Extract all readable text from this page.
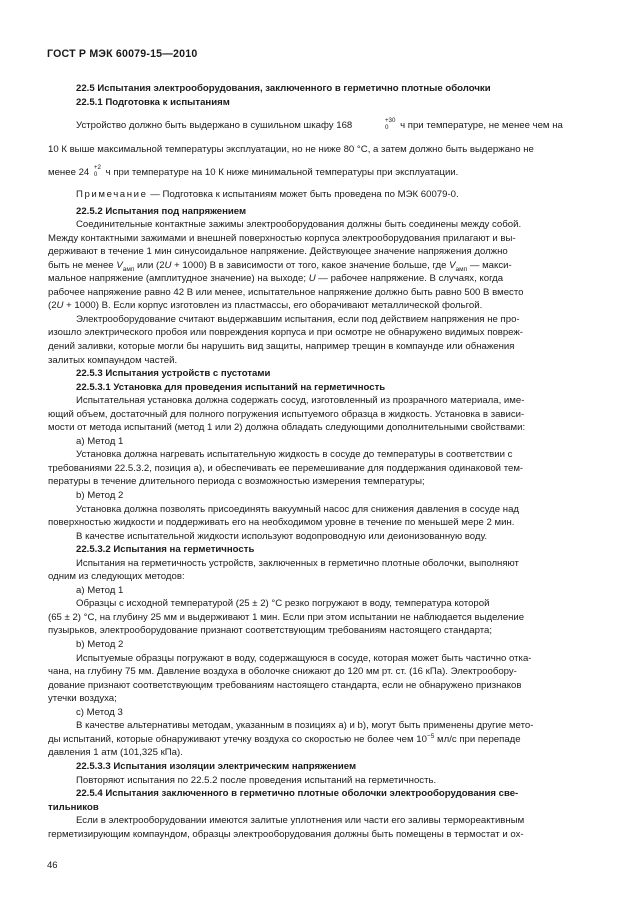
ГОСТ Р МЭК 60079-15—2010

22.5 Испытания электрооборудования, заключенного в герметично плотные оболочки

22.5.1 Подготовка к испытаниям

Устройство должно быть выдержано в сушильном шкафу 168	+30
0	ч при температуре, не менее чем на

10 К выше максимальной температуры эксплуатации, но не ниже 80 °С, а затем должно быть выдержано не

менее 24 +2
0 ч при температуре на 10 К ниже минимальной температуры при эксплуатации.

Примечание — Подготовка к испытаниям может быть проведена по МЭК 60079-0.

22.5.2 Испытания под напряжением

Соединительные контактные зажимы электрооборудования должны быть соединены между собой.

Между контактными зажимами и внешней поверхностью корпуса электрооборудования прилагают и вы-

держивают в течение 1 мин синусоидальное напряжение. Действующее значение напряжения должно

быть не менее $V_{амп}$ или (2U + 1000) В в зависимости от того, какое значение больше, где $V_{амп}$ — макси-

мальное напряжение (амплитудное значение) на выходе; U — рабочее напряжение. В случаях, когда

рабочее напряжение равно 42 В или менее, испытательное напряжение должно быть равно 500 В вместо

(2U + 1000) В. Если корпус изготовлен из пластмассы, его оборачивают металлической фольгой.

Электрооборудование считают выдержавшим испытания, если под действием напряжения не про-

изошло электрического пробоя или повреждения корпуса и при осмотре не обнаружено видимых повреж-

дений заливки, которые могли бы нарушить вид защиты, например трещин в компаунде или обнажения

залитых компаундом частей.

22.5.3 Испытания устройств с пустотами

22.5.3.1 Установка для проведения испытаний на герметичность

Испытательная установка должна содержать сосуд, изготовленный из прозрачного материала, име-

ющий объем, достаточный для полного погружения испытуемого образца в жидкость. Установка в зависи-

мости от метода испытаний (метод 1 или 2) должна обладать следующими дополнительными свойствами:

а) Метод 1

Установка должна нагревать испытательную жидкость в сосуде до температуры в соответствии с

требованиями 22.5.3.2, позиция а), и обеспечивать ее перемешивание для поддержания одинаковой тем-

пературы в течение длительного периода с возможностью измерения температуры;

b) Метод 2

Установка должна позволять присоединять вакуумный насос для снижения давления в сосуде над

поверхностью жидкости и поддерживать его на необходимом уровне в течение по меньшей мере 2 мин.

В качестве испытательной жидкости используют водопроводную или деионизованную воду.

22.5.3.2 Испытания на герметичность

Испытания на герметичность устройств, заключенных в герметично плотные оболочки, выполняют

одним из следующих методов:

а) Метод 1

Образцы с исходной температурой (25 ± 2) °С резко погружают в воду, температура которой

(65 ± 2) °С, на глубину 25 мм и выдерживают 1 мин. Если при этом испытании не наблюдается выделение

пузырьков, электрооборудование признают соответствующим требованиям настоящего стандарта;

b) Метод 2

Испытуемые образцы погружают в воду, содержащуюся в сосуде, которая может быть частично отка-

чана, на глубину 75 мм. Давление воздуха в оболочке снижают до 120 мм рт. ст. (16 кПа). Электрообору-

дование признают соответствующим требованиям настоящего стандарта, если не обнаружено признаков

утечки воздуха;

с) Метод 3

В качестве альтернативы методам, указанным в позициях а) и b), могут быть применены другие мето-

ды испытаний, которые обнаруживают утечку воздуха со скоростью не более чем $10^{-5}$ мл/с при перепаде

давления 1 атм (101,325 кПа).

22.5.3.3 Испытания изоляции электрическим напряжением

Повторяют испытания по 22.5.2 после проведения испытаний на герметичность.

22.5.4 Испытания заключенного в герметично плотные оболочки электрооборудования све-

тильников

Если в электрооборудовании имеются залитые уплотнения или части его заливы термореактивным

герметизирующим компаундом, образцы электрооборудования должны быть помещены в термостат и ох-

46
